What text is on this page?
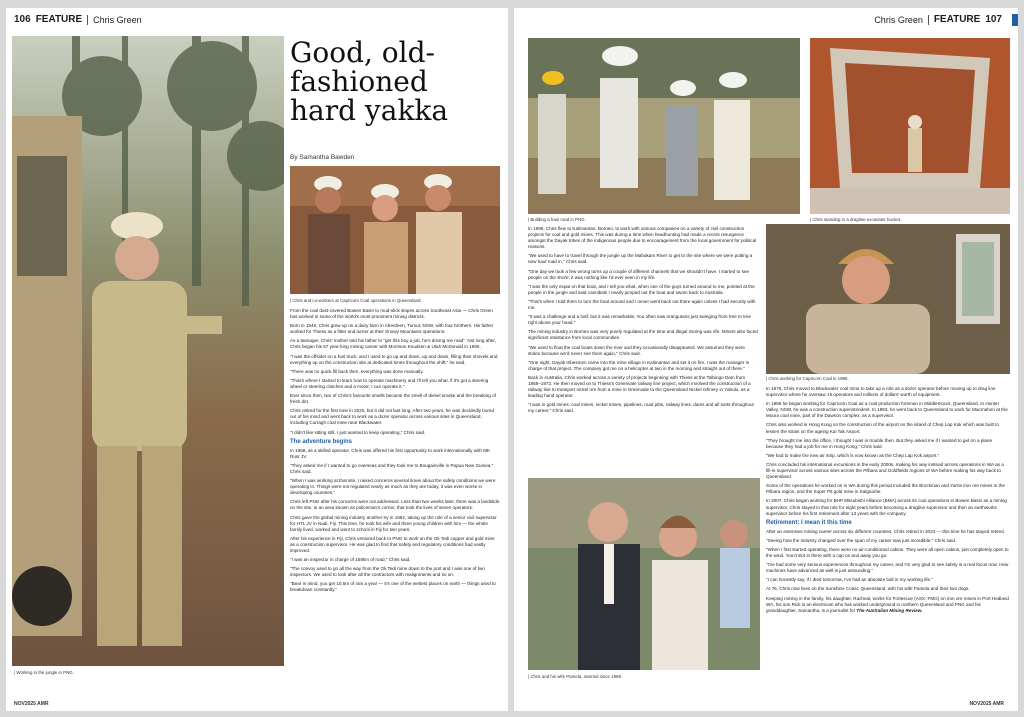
106 FEATURE Chris Green
| Working in the jungle in PNG.
Good, old-fashioned hard yakka
By Samantha Bawden
| Chris and co-workers at Capricorn Coal operations in Queensland.

From the coal dust-covered Bowen Basin to mud-slick slopes across Southeast Asia — Chris Green has worked in some of the world's most prominent mining districts.

Born in 1949, Chris grew up on a dairy farm in Aberdeen, Tumut, NSW, with four brothers. His father worked for Thiess as a fitter and turner at their Snowy Mountains operations.

As a teenager, Chris' mother told his father to "get this boy a job, he's driving me mad". Not long after, Chris began his 57 year-long mining career with Morrison Knudsen & Utah McDonald in 1965.

"I was the offsider on a fuel truck, and I used to go up and down, up and down, filling their shovels and everything up on the construction site at dedicated times throughout the shift," he said.

"There was no quick fill back then, everything was done manually.

"That's where I started to learn how to operate machinery and I'll tell you what, if it's got a steering wheel or steering clutches and a motor, I can operate it."

Ever since then, two of Chris's favourite smells became the smell of diesel smoke and the breaking of fresh dirt.

Chris retired for the first time in 2020, but it did not last long. After two years, he was decidedly bored out of his mind and went back to work as a dozer operator across various sites in Queensland, including Curragh coal mine near Blackwater.

"I didn't like sitting still, I just wanted to keep operating," Chris said.

The adventure begins

In 1968, as a skilled operator, Chris was offered his first opportunity to work internationally with MK Rusr JV.

"They asked me if I wanted to go overseas and they took me to Bougainville in Papua New Guinea," Chris said.

"When I was working at that site, I raised concerns several times about the safety conditions we were operating in. Things were not regulated nearly as much as they are today, it was even worse in developing countries."

Chris left PNG after his concerns were not addressed. Less than two weeks later, there was a landslide on the site, in an area known as policeman's corner, that took the lives of seven operators.

Chris gave the global mining industry another try in 1982, taking up the role of a senior civil supervisor for HTL JV in Nadi, Fiji. This time, he took his wife and three young children with him — the whole family lived, worked and went to school in Fiji for two years.

After his experience in Fiji, Chris ventured back to PNG to work on the Ok Tedi copper and gold mine as a construction supervisor. He was glad to find that safety and regulatory conditions had vastly improved.

"I was an inspector in charge of 158km of road," Chris said.

"The convoy used to go all the way from the Ok Tedi mine down to the port and I was one of two inspectors. We used to look after all the contractors with realignments and so on.

"Bear in mind, you get 10.5m of rain a year — it's one of the wettest places on earth — things used to breakdown constantly."

NOV2025 AMR
Chris Green FEATURE 107
| Building a haul road in PNG.
|	Chris standing in a dragline excavator bucket.

In 1996, Chris flew to Kalimantan, Borneo, to work with various companies on a variety of civil construction projects for coal and gold mines. This was during a time when headhunting had made a recent resurgence amongst the Dayak tribes of the indigenous people due to encouragement from the local government for political reasons.

"We used to have to travel through the jungle up the Mahakam River to get to the site where we were putting a new haul road in," Chris said.

"One day we took a few wrong turns up a couple of different channels that we shouldn't have. I started to see people on the shore; it was nothing like I'd ever seen in my life.

"I was the only expat on that boat, and I tell you what, when one of the guys turned around to me, pointed at the people in the jungle and said cannibals I nearly jumped out the boat and swam back to Australia.

"That's when I told them to turn the boat around and I never went back out there again unless I had security with me.

"It was a challenge and a half, but it was remarkable. You often saw orangutans just swinging from tree to tree right above your head."

The mining industry in Borneo was very poorly regulated at the time and illegal mining was rife. Miners also faced significant resistance from local communities.

"We used to float the coal boats down the river and they occasionally disappeared. We assumed they were stolen because we'd never see them again," Chris said.

"One night, Dayak tribesmen came into the mine village in Kalimantan and set it on fire. I was the manager in charge of that project. The company got me on a helicopter at two in the morning and straight out of there."

Back in Australia, Chris worked across a variety of projects beginning with Thiess at the Talbingo Dam from 1968–1972. He then moved on to Thiess's Greenvale railway line project, which involved the construction of a railway line to transport nickel ore from a mine in Greenvale to the Queensland Nickel refinery in Yabulu, as a leading hand operator.

"I was in gold mines, coal mines, nickel mines, pipelines, road jobs, railway lines, dams and all sorts throughout my career," Chris said.

| Chris and his wife Pamela, married since 1968.
| Chris working for Capricorn Coal in 1986.

In 1975, Chris moved to Blackwater coal mine to take up a role as a dozer operator before moving up to drag line supervisor where he oversaw 15 operators and millions of dollars' worth of equipment.

In 1986 he began working for Capricorn Coal as a coal production foreman in Middlemount, Queensland. In Hunter Valley, NSW, he was a construction superintendent. In 1993, he went back to Queensland to work for Macmahon at the Moura coal mine, part of the Dawson complex, as a supervisor.

Chris also worked in Hong Kong on the construction of the airport on the island of Chep Lap Kok which was built to lessen the strain on the ageing Kai Tak Airport.

"They brought me into the office, I thought I was in trouble then. But they asked me if I wanted to get on a plane because they had a job for me in Hong Kong," Chris said.

"We had to make the new air strip, which is now known as the Chep Lap Kok airport."

Chris concluded his international excursions in the early 2000s, making his way instead across operations in WA as a fill-in supervisor across various sites across the Pilbara and Goldfields regions of WA before making his way back to Queensland.

Some of the operations he worked on in WA during this period included the Brockman and Yarrie iron ore mines in the Pilbara region, and the Super Pit gold mine in Kalgoorlie.

In 2007, Chris began working for BHP Mitsubishi Alliance (BMA) across its coal operations in Bowen Basin as a mining supervisor. Chris stayed in that role for eight years before becoming a dragline supervisor and then an earthworks supervisor before his first retirement after 13 years with the company.

Retirement: I mean it this time

After an extensive mining career across six different countries, Chris retired in 2023 — this time he has stayed retired.

"Seeing how the industry changed over the span of my career was just incredible," Chris said.

"When I first started operating, there were no air-conditioned cabins. They were all open cabins, just completely open to the wind. You'd slot in there with a cap on and away you go.

"I've had some very serious experiences throughout my career, and I'm very glad to see safety is a real focus now. How machines have advanced as well is just astounding."

"I can honestly say, if I died tomorrow, I've had an absolute ball in my working life."

At 76, Chris now lives on the Sunshine Coast, Queensland, with his wife Pamela and their two dogs.

Keeping mining in the family, his daughter, Racheal, works for Fortescue (ASX: FMG) on iron ore mines in Port Hedland WA, his son Rick is an electrician who has worked underground in northern Queensland and PNG and his granddaughter, Samantha, is a journalist for The Australian Mining Review.

NOV2025 AMR
